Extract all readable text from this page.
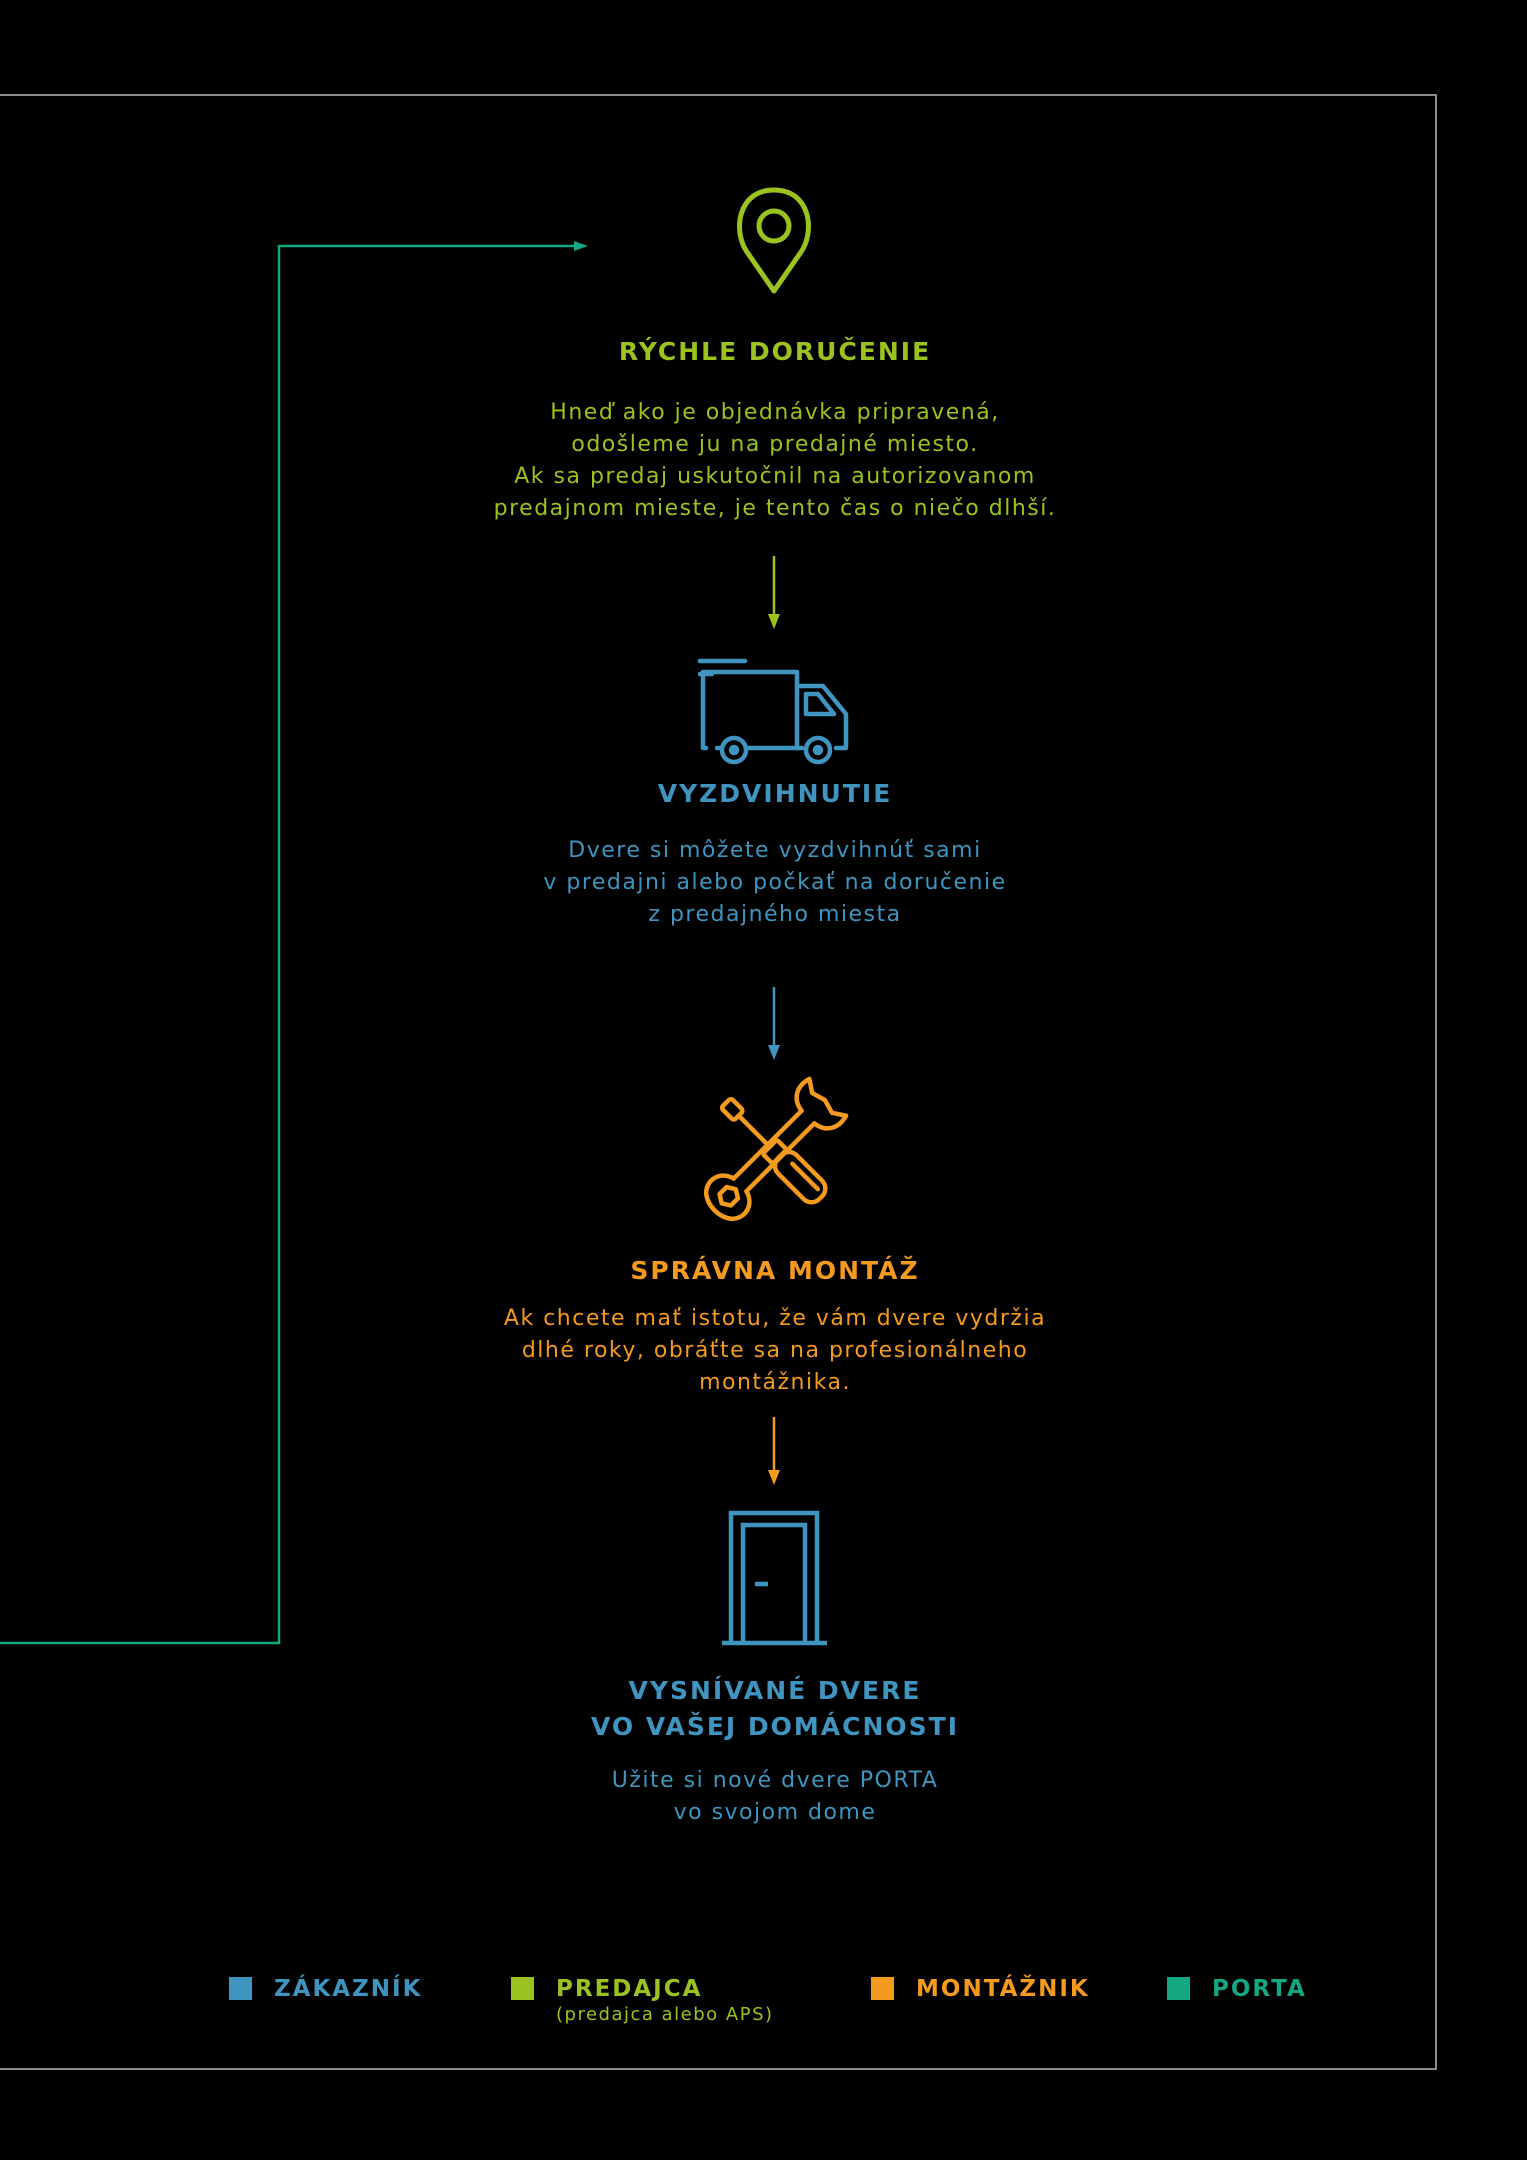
RÝCHLE DORUČENIE

Hneď ako je objednávka pripravená,
odošleme ju na predajné miesto.
Ak sa predaj uskutočnil na autorizovanom
predajnom mieste, je tento čas o niečo dlhší.

VYZDVIHNUTIE

Dvere si môžete vyzdvihnúť sami
v predajni alebo počkať na doručenie
z predajného miesta

SPRÁVNA MONTÁŽ

Ak chcete mať istotu, že vám dvere vydržia
dlhé roky, obráťte sa na profesionálneho
montážnika.

VYSNÍVANÉ DVERE
VO VAŠEJ DOMÁCNOSTI

Užite si nové dvere PORTA
vo svojom dome

ZÁKAZNÍK	PREDAJCA
(predajca alebo APS)
MONTÁŽNIK	PORTA
